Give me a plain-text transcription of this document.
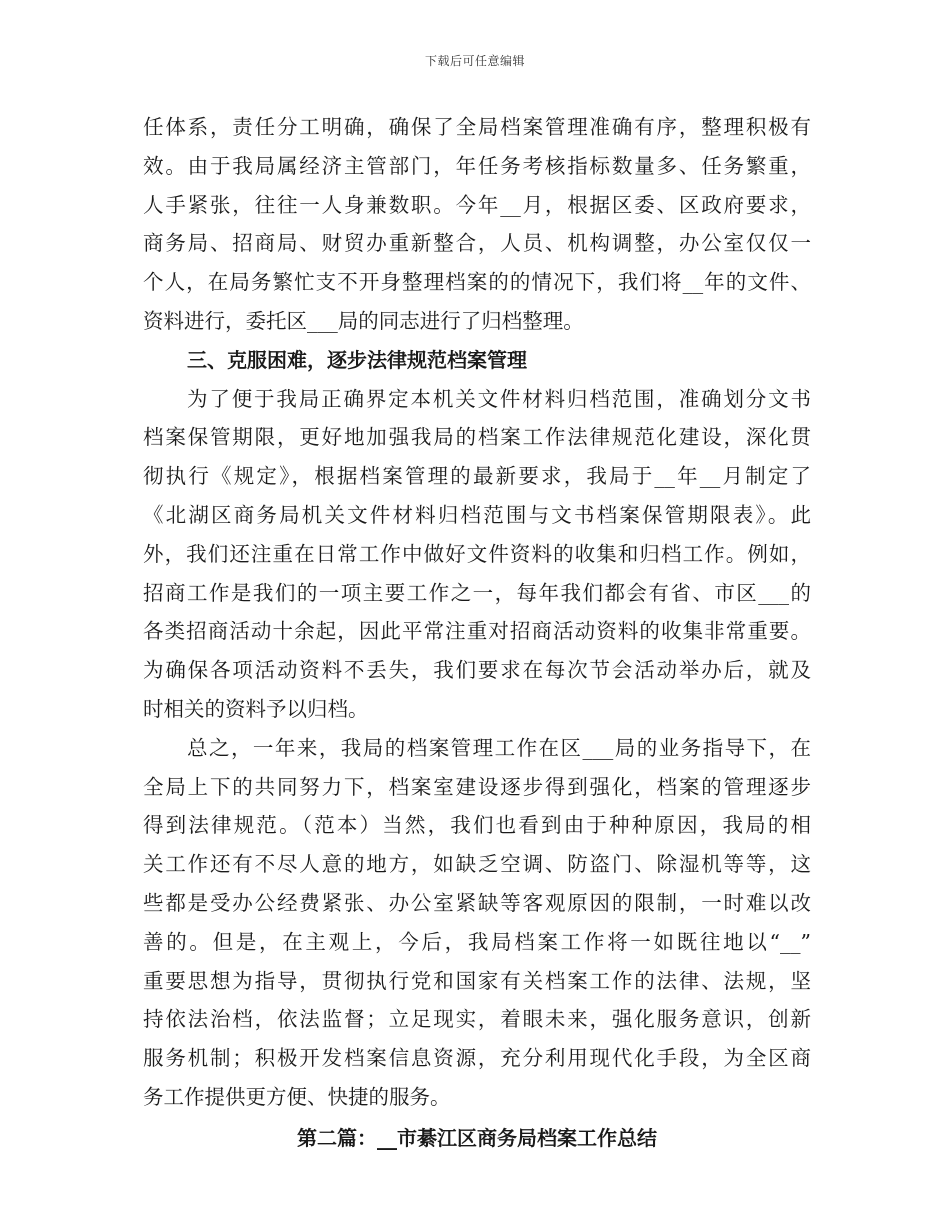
下载后可任意编辑
任体系，责任分工明确，确保了全局档案管理准确有序，整理积极有
效。由于我局属经济主管部门，年任务考核指标数量多、任务繁重，
人手紧张，往往一人身兼数职。今年__月，根据区委、区政府要求，
商务局、招商局、财贸办重新整合，人员、机构调整，办公室仅仅一
个人，在局务繁忙支不开身整理档案的的情况下，我们将__年的文件、
资料进行，委托区___局的同志进行了归档整理。
三、克服困难，逐步法律规范档案管理
为了便于我局正确界定本机关文件材料归档范围，准确划分文书
档案保管期限，更好地加强我局的档案工作法律规范化建设，深化贯
彻执行《规定》，根据档案管理的最新要求，我局于__年__月制定了
《北湖区商务局机关文件材料归档范围与文书档案保管期限表》。此
外，我们还注重在日常工作中做好文件资料的收集和归档工作。例如，
招商工作是我们的一项主要工作之一，每年我们都会有省、市区___的
各类招商活动十余起，因此平常注重对招商活动资料的收集非常重要。
为确保各项活动资料不丢失，我们要求在每次节会活动举办后，就及
时相关的资料予以归档。
总之，一年来，我局的档案管理工作在区___局的业务指导下，在
全局上下的共同努力下，档案室建设逐步得到强化，档案的管理逐步
得到法律规范。（范本）当然，我们也看到由于种种原因，我局的相
关工作还有不尽人意的地方，如缺乏空调、防盗门、除湿机等等，这
些都是受办公经费紧张、办公室紧缺等客观原因的限制，一时难以改
善的。但是，在主观上，今后，我局档案工作将一如既往地以“__”
重要思想为指导，贯彻执行党和国家有关档案工作的法律、法规，坚
持依法治档，依法监督；立足现实，着眼未来，强化服务意识，创新
服务机制；积极开发档案信息资源，充分利用现代化手段，为全区商
务工作提供更方便、快捷的服务。
第二篇：__市綦江区商务局档案工作总结
